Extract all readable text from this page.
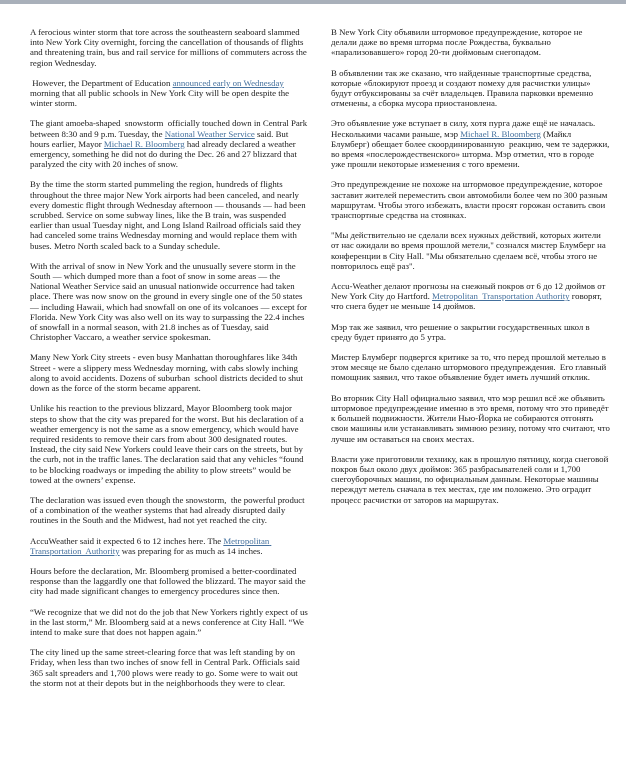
A ferocious winter storm that tore across the southeastern seaboard slammed into New York City overnight, forcing the cancellation of thousands of flights and threatening train, bus and rail service for millions of commuters across the region Wednesday.

However, the Department of Education announced early on Wednesday morning that all public schools in New York City will be open despite the winter storm.

The giant amoeba-shaped  snowstorm  officially touched down in Central Park between 8:30 and 9 p.m. Tuesday, the National Weather Service said. But hours earlier, Mayor Michael R. Bloomberg had already declared a weather emergency, something he did not do during the Dec. 26 and 27 blizzard that paralyzed the city with 20 inches of snow.

By the time the storm started pummeling the region, hundreds of flights throughout the three major New York airports had been canceled, and nearly every domestic flight through Wednesday afternoon — thousands — had been scrubbed. Service on some subway lines, like the B train, was suspended earlier than usual Tuesday night, and Long Island Railroad officials said they had canceled some trains Wednesday morning and would replace them with buses. Metro North scaled back to a Sunday schedule.

With the arrival of snow in New York and the unusually severe storm in the South — which dumped more than a foot of snow in some areas — the National Weather Service said an unusual nationwide occurrence had taken place. There was now snow on the ground in every single one of the 50 states — including Hawaii, which had snowfall on one of its volcanoes — except for Florida. New York City was also well on its way to surpassing the 22.4 inches of snowfall in a normal season, with 21.8 inches as of Tuesday, said Christopher Vaccaro, a weather service spokesman.

Many New York City streets - even busy Manhattan thoroughfares like 34th Street - were a slippery mess Wednesday morning, with cabs slowly inching along to avoid accidents. Dozens of suburban  school districts decided to shut down as the force of the storm became apparent.

Unlike his reaction to the previous blizzard, Mayor Bloomberg took major steps to show that the city was prepared for the worst. But his declaration of a weather emergency is not the same as a snow emergency, which would have required residents to remove their cars from about 300 designated routes. Instead, the city said New Yorkers could leave their cars on the streets, but by the curb, not in the traffic lanes. The declaration said that any vehicles “found to be blocking roadways or impeding the ability to plow streets” would be towed at the owners’ expense.

The declaration was issued even though the snowstorm,  the powerful product of a combination of the weather systems that had already disrupted daily routines in the South and the Midwest, had not yet reached the city.

AccuWeather said it expected 6 to 12 inches here. The Metropolitan Transportation  Authority was preparing for as much as 14 inches.

Hours before the declaration, Mr. Bloomberg promised a better-coordinated response than the laggardly one that followed the blizzard. The mayor said the city had made significant changes to emergency procedures since then.

“We recognize that we did not do the job that New Yorkers rightly expect of us in the last storm,” Mr. Bloomberg said at a news conference at City Hall. “We intend to make sure that does not happen again.”

The city lined up the same street-clearing force that was left standing by on Friday, when less than two inches of snow fell in Central Park. Officials said 365 salt spreaders and 1,700 plows were ready to go. Some were to wait out the storm not at their depots but in the neighborhoods they were to clear.

В New York City объявили штормовое предупреждение, которое не делали даже во время шторма после Рождества, буквально «парализовавшего» город 20-ти дюймовым снегопадом.

В объявлении так же сказано, что найденные транспортные средства, которые «блокируют проезд и создают помеху для расчистки улицы» будут отбуксированы за счёт владельцев. Правила парковки временно отменены, а сборка мусора приостановлена.

Это объявление уже вступает в силу, хотя пурга даже ещё не началась. Несколькими часами раньше, мэр Michael R. Bloomberg (Майкл Блумберг) обещает более скоординированную  реакцию, чем те задержки, во время «послерождественского» шторма. Мэр отметил, что в городе уже прошли некоторые изменения с того времени.

Это предупреждение не похоже на штормовое предупреждение, которое заставит жителей переместить свои автомобили более чем по 300 разным маршрутам. Чтобы этого избежать, власти просят горожан оставить свои транспортные средства на стоянках.

"Мы действительно не сделали всех нужных действий, которых жители от нас ожидали во время прошлой метели," сознался мистер Блумберг на конференции в City Hall. "Мы обязательно сделаем всё, чтобы этого не повторилось ещё раз".

Accu-Weather делают прогнозы на снежный покров от 6 до 12 дюймов от New York City до Hartford. Metropolitan  Transportation Authority говорят, что снега будет не меньше 14 дюймов.

Мэр так же заявил, что решение о закрытии государственных школ в среду будет принято до 5 утра.

Мистер Блумберг подвергся критике за то, что перед прошлой метелью в этом месяце не было сделано штормового предупреждения.  Его главный помощник заявил, что такое объявление будет иметь лучший отклик.

Во вторник City Hall официально заявил, что мэр решил всё же объявить штормовое предупреждение именно в это время, потому что это приведёт к большей подвижности. Жители Нью-Йорка не собираются отгонять свои машины или устанавливать зимнюю резину, потому что считают, что лучше им оставаться на своих местах.

Власти уже приготовили технику, как в прошлую пятницу, когда снеговой покров был около двух дюймов: 365 разбрасывателей соли и 1,700 снегоуборочных машин, по официальным данным. Некоторые машины переждут метель сначала в тех местах, где им положено. Это оградит процесс расчистки от заторов на маршрутах.
